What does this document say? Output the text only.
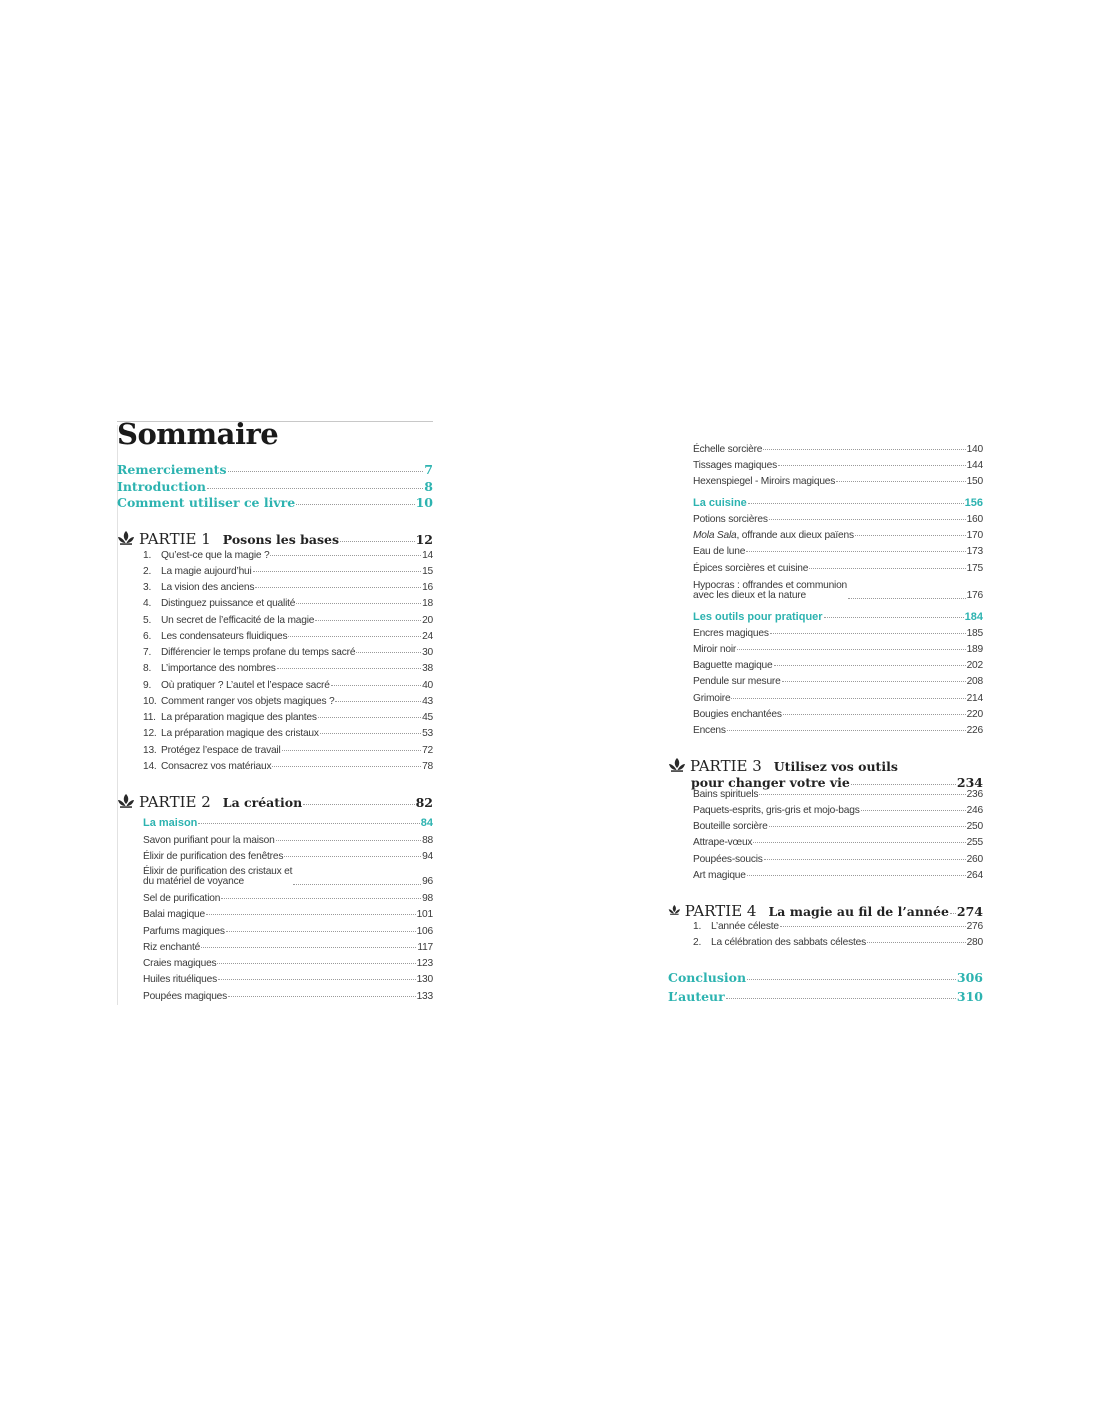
Sommaire
Remerciements	7
Introduction	8
Comment utiliser ce livre	10
PARTIE 1 Posons les bases	12
1. Qu’est-ce que la magie ?	14
2. La magie aujourd’hui	15
3. La vision des anciens	16
4. Distinguez puissance et qualité	18
5. Un secret de l’efficacité de la magie	20
6. Les condensateurs fluidiques	24
7. Différencier le temps profane du temps sacré	30
8. L’importance des nombres	38
9. Où pratiquer ? L’autel et l’espace sacré	40
10. Comment ranger vos objets magiques ?	43
11. La préparation magique des plantes	45
12. La préparation magique des cristaux	53
13. Protégez l’espace de travail	72
14. Consacrez vos matériaux	78
PARTIE 2 La création	82
La maison	84
Savon purifiant pour la maison	88
Élixir de purification des fenêtres	94
Élixir de purification des cristaux et
du matériel de voyance	96
Sel de purification	98
Balai magique	101
Parfums magiques	106
Riz enchanté	117
Craies magiques	123
Huiles rituéliques	130
Poupées magiques	133
Échelle sorcière	140
Tissages magiques	144
Hexenspiegel - Miroirs magiques	150
La cuisine	156
Potions sorcières	160
Mola Sala , offrande aux dieux païens	170
Eau de lune	173
Épices sorcières et cuisine	175
Hypocras : offrandes et communion
avec les dieux et la nature	176
Les outils pour pratiquer	184
Encres magiques	185
Miroir noir	189
Baguette magique	202
Pendule sur mesure	208
Grimoire	214
Bougies enchantées	220
Encens	226
PARTIE 3 Utilisez vos outils
pour changer votre vie	234
Bains spirituels	236
Paquets-esprits, gris-gris et mojo-bags	246
Bouteille sorcière	250
Attrape-vœux	255
Poupées-soucis	260
Art magique	264
PARTIE 4 La magie au fil de l’année 274
1. L’année céleste	276
2. La célébration des sabbats célestes	280
Conclusion	306
L’auteur	310
